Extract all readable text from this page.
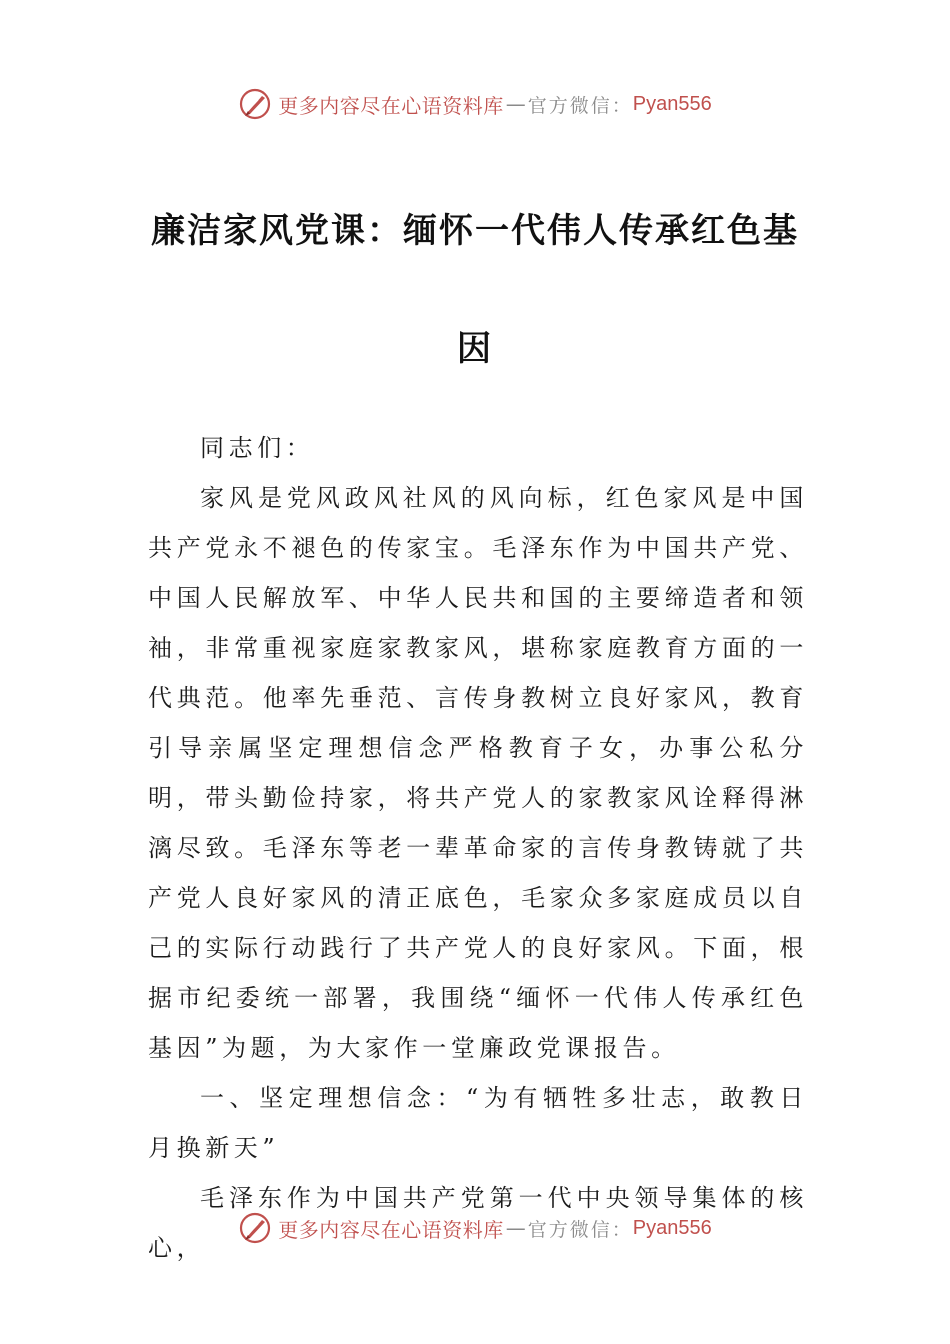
更多内容尽在心语资料库 — 官方微信： Pyan556
廉洁家风党课：缅怀一代伟人传承红色基
因

同志们：

家风是党风政风社风的风向标，红色家风是中国共产党永不褪色的传家宝。毛泽东作为中国共产党、中国人民解放军、中华人民共和国的主要缔造者和领袖，非常重视家庭家教家风，堪称家庭教育方面的一代典范。他率先垂范、言传身教树立良好家风，教育引导亲属坚定理想信念严格教育子女，办事公私分明，带头勤俭持家，将共产党人的家教家风诠释得淋漓尽致。毛泽东等老一辈革命家的言传身教铸就了共产党人良好家风的清正底色，毛家众多家庭成员以自己的实际行动践行了共产党人的良好家风。下面，根据市纪委统一部署，我围绕“缅怀一代伟人传承红色基因”为题，为大家作一堂廉政党课报告。

一、坚定理想信念：“为有牺牲多壮志，敢教日月换新天”

毛泽东作为中国共产党第一代中央领导集体的核心，

更多内容尽在心语资料库 — 官方微信： Pyan556
